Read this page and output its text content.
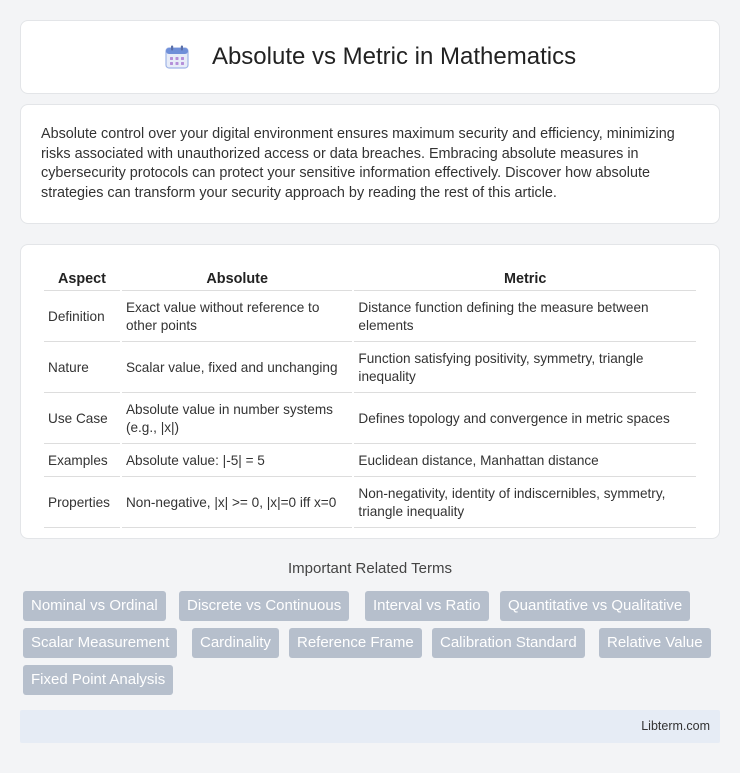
Absolute vs Metric in Mathematics

Absolute control over your digital environment ensures maximum security and efficiency, minimizing risks associated with unauthorized access or data breaches. Embracing absolute measures in cybersecurity protocols can protect your sensitive information effectively. Discover how absolute strategies can transform your security approach by reading the rest of this article.

Aspect	Absolute	Metric
Definition	Exact value without reference to other points	Distance function defining the measure between elements
Nature	Scalar value, fixed and unchanging	Function satisfying positivity, symmetry, triangle inequality
Use Case	Absolute value in number systems (e.g., |x|)	Defines topology and convergence in metric spaces
Examples	Absolute value: |-5| = 5	Euclidean distance, Manhattan distance
Properties	Non-negative, |x| >= 0, |x|=0 iff x=0	Non-negativity, identity of indiscernibles, symmetry, triangle inequality
Important Related Terms
Nominal vs Ordinal	Discrete vs Continuous	Interval vs Ratio	Quantitative vs Qualitative
Scalar Measurement	Cardinality	Reference Frame	Calibration Standard	Relative Value
Fixed Point Analysis
Libterm.com
